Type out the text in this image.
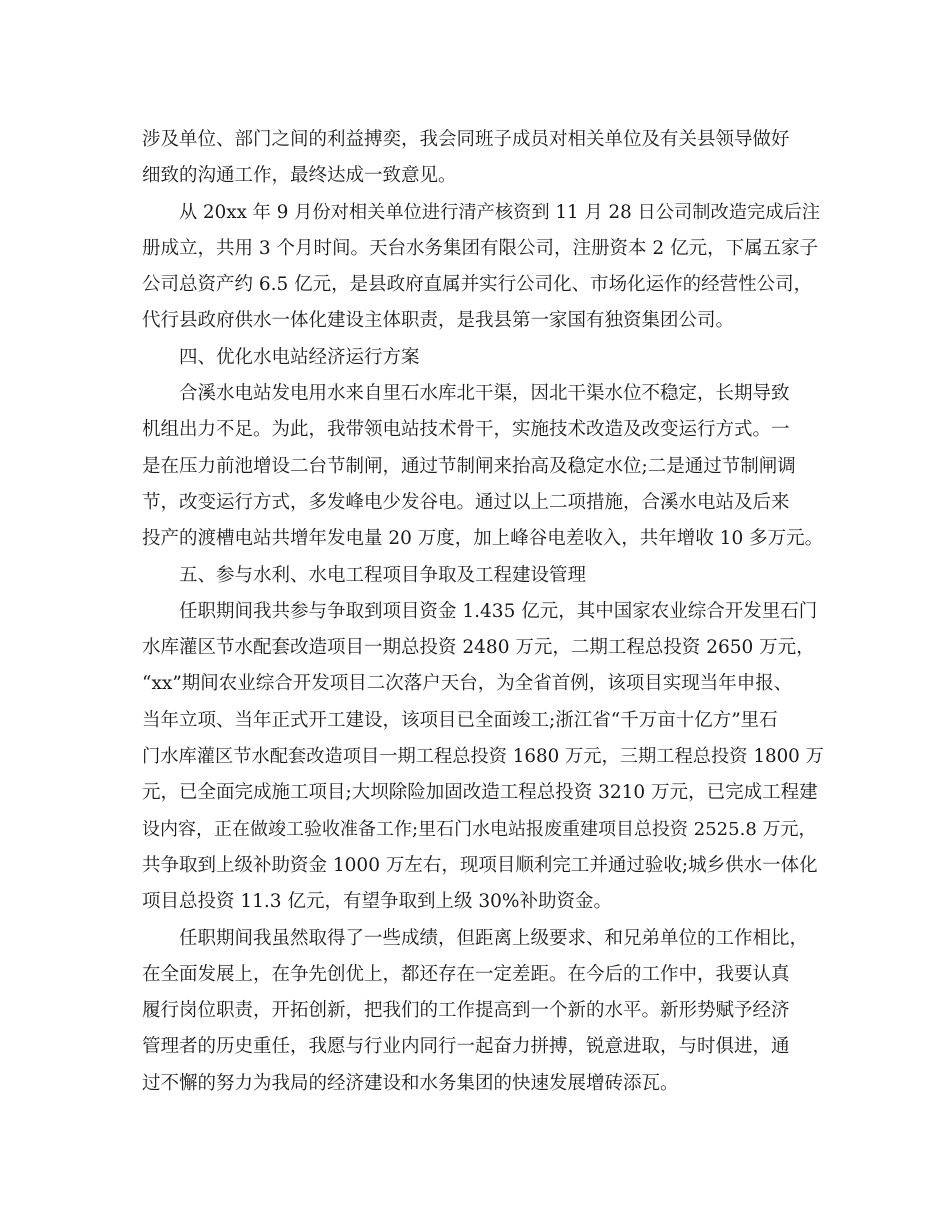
涉及单位、部门之间的利益搏奕，我会同班子成员对相关单位及有关县领导做好
细致的沟通工作，最终达成一致意见。
从 20xx 年 9 月份对相关单位进行清产核资到 11 月 28 日公司制改造完成后注
册成立，共用 3 个月时间。天台水务集团有限公司，注册资本 2 亿元，下属五家子
公司总资产约 6.5 亿元，是县政府直属并实行公司化、市场化运作的经营性公司，
代行县政府供水一体化建设主体职责，是我县第一家国有独资集团公司。
四、优化水电站经济运行方案
合溪水电站发电用水来自里石水库北干渠，因北干渠水位不稳定，长期导致
机组出力不足。为此，我带领电站技术骨干，实施技术改造及改变运行方式。一
是在压力前池增设二台节制闸，通过节制闸来抬高及稳定水位;二是通过节制闸调
节，改变运行方式，多发峰电少发谷电。通过以上二项措施，合溪水电站及后来
投产的渡槽电站共增年发电量 20 万度，加上峰谷电差收入，共年增收 10 多万元。
五、参与水利、水电工程项目争取及工程建设管理
任职期间我共参与争取到项目资金 1.435 亿元，其中国家农业综合开发里石门
水库灌区节水配套改造项目一期总投资 2480 万元，二期工程总投资 2650 万元，
“xx”期间农业综合开发项目二次落户天台，为全省首例，该项目实现当年申报、
当年立项、当年正式开工建设，该项目已全面竣工;浙江省“千万亩十亿方”里石
门水库灌区节水配套改造项目一期工程总投资 1680 万元，三期工程总投资 1800 万
元，已全面完成施工项目;大坝除险加固改造工程总投资 3210 万元，已完成工程建
设内容，正在做竣工验收准备工作;里石门水电站报废重建项目总投资 2525.8 万元，
共争取到上级补助资金 1000 万左右，现项目顺利完工并通过验收;城乡供水一体化
项目总投资 11.3 亿元，有望争取到上级 30%补助资金。
任职期间我虽然取得了一些成绩，但距离上级要求、和兄弟单位的工作相比，
在全面发展上，在争先创优上，都还存在一定差距。在今后的工作中，我要认真
履行岗位职责，开拓创新，把我们的工作提高到一个新的水平。新形势赋予经济
管理者的历史重任，我愿与行业内同行一起奋力拼搏，锐意进取，与时俱进，通
过不懈的努力为我局的经济建设和水务集团的快速发展增砖添瓦。
